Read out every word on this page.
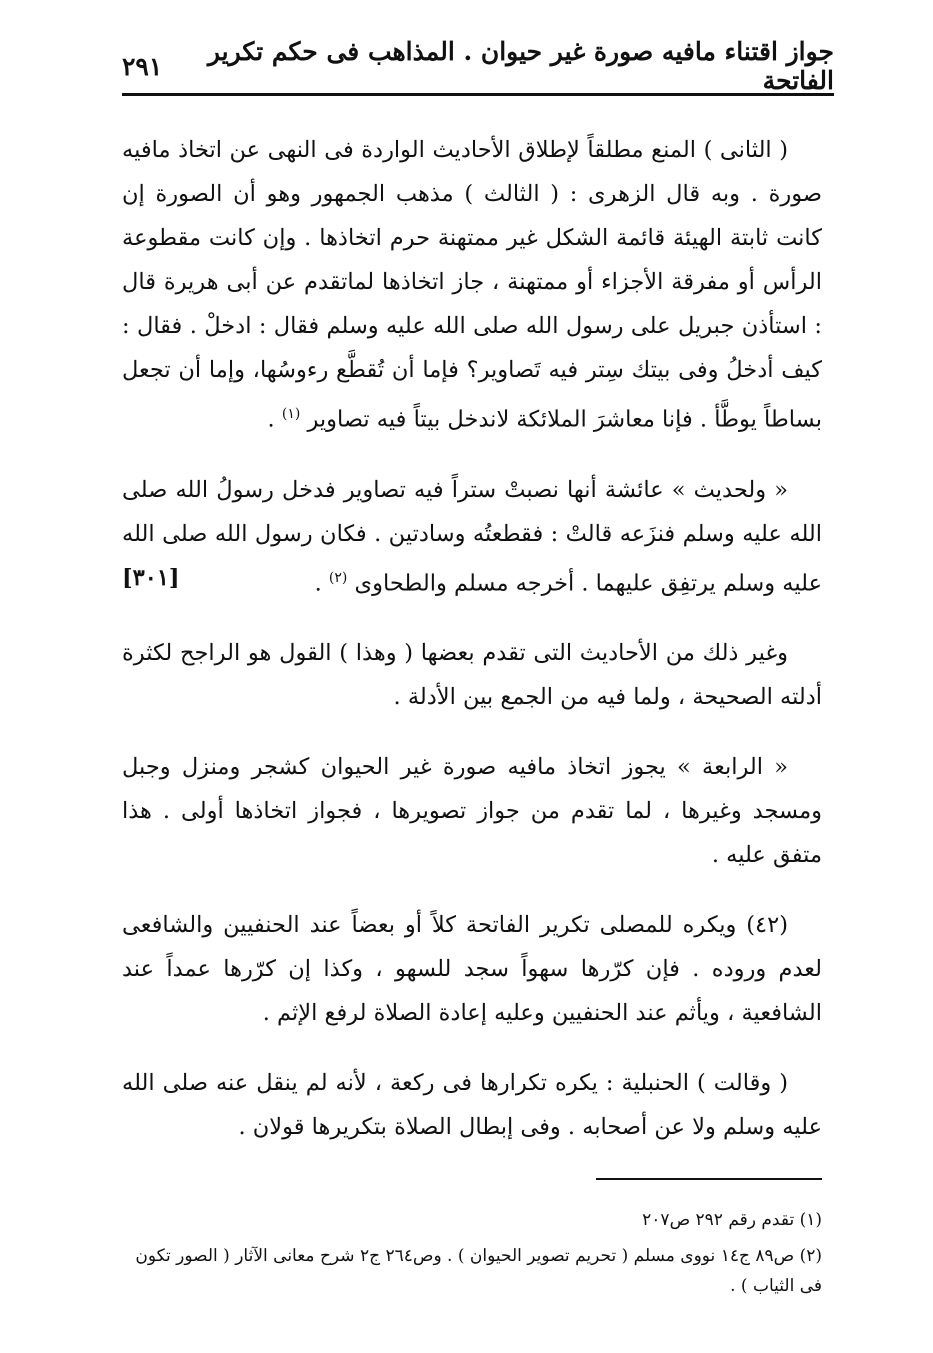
جواز اقتناء مافيه صورة غير حيوان . المذاهب فى حكم تكرير الفاتحة
٢٩١

( الثانى ) المنع مطلقاً لإطلاق الأحاديث الواردة فى النهى عن اتخاذ مافيه صورة . وبه قال الزهرى : ( الثالث ) مذهب الجمهور وهو أن الصورة إن كانت ثابتة الهيئة قائمة الشكل غير ممتهنة حرم اتخاذها . وإن كانت مقطوعة الرأس أو مفرقة الأجزاء أو ممتهنة ، جاز اتخاذها لماتقدم عن أبى هريرة قال : استأذن جبريل على رسول الله صلى الله عليه وسلم فقال : ادخلْ . فقال : كيف أدخلُ وفى بيتك سِتر فيه تَصاوير؟ فإما أن تُقطَّع رءوسُها، وإما أن تجعل بساطاً يوطَّأ . فإنا معاشرَ الملائكة لاندخل بيتاً فيه تصاوير $^{(١)}$ .

« ولحديث » عائشة أنها نصبتْ ستراً فيه تصاوير فدخل رسولُ الله صلى الله عليه وسلم فنزَعه قالتْ : فقطعتُه وسادتين . فكان رسول الله صلى الله عليه وسلم يرتفِق عليهما . أخرجه مسلم والطحاوى $^{(٢)}$ .
[٣٠١]

وغير ذلك من الأحاديث التى تقدم بعضها ( وهذا ) القول هو الراجح لكثرة أدلته الصحيحة ، ولما فيه من الجمع بين الأدلة .

« الرابعة » يجوز اتخاذ مافيه صورة غير الحيوان كشجر ومنزل وجبل ومسجد وغيرها ، لما تقدم من جواز تصويرها ، فجواز اتخاذها أولى . هذا متفق عليه .

(٤٢) ويكره للمصلى تكرير الفاتحة كلاً أو بعضاً عند الحنفيين والشافعى لعدم وروده . فإن كرّرها سهواً سجد للسهو ، وكذا إن كرّرها عمداً عند الشافعية ، ويأثم عند الحنفيين وعليه إعادة الصلاة لرفع الإثم .

( وقالت ) الحنبلية : يكره تكرارها فى ركعة ، لأنه لم ينقل عنه صلى الله عليه وسلم ولا عن أصحابه . وفى إبطال الصلاة بتكريرها قولان .

(١) تقدم رقم ٢٩٢ ص٢٠٧

(٢) ص٨٩ ج١٤ نووى مسلم ( تحريم تصوير الحيوان ) . وص٢٦٤ ج٢ شرح معانى الآثار ( الصور تكون فى الثياب ) .
